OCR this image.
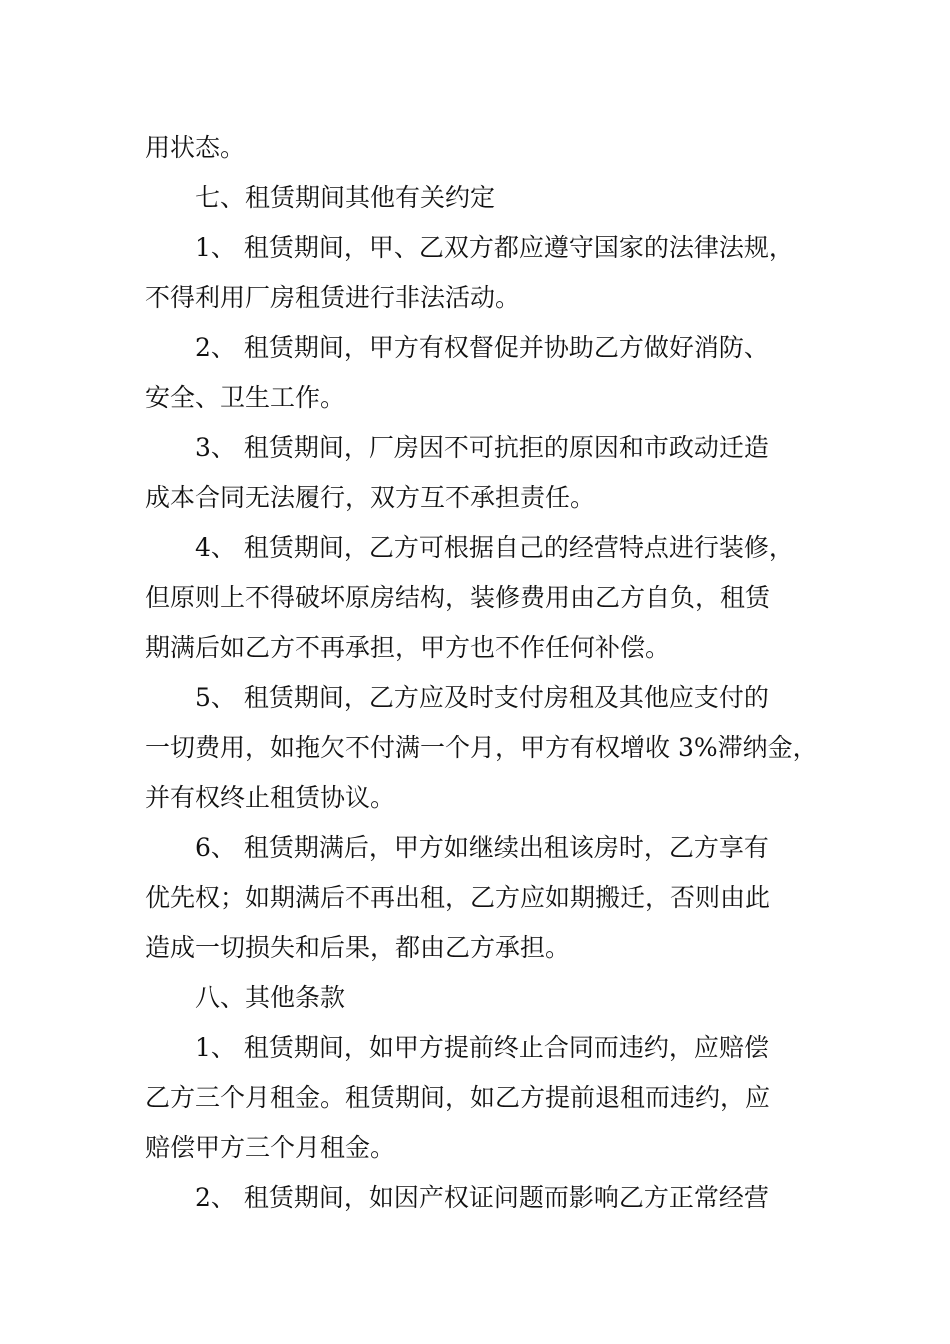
用状态。
七、租赁期间其他有关约定
1、 租赁期间，甲、乙双方都应遵守国家的法律法规，
不得利用厂房租赁进行非法活动。
2、 租赁期间，甲方有权督促并协助乙方做好消防、
安全、卫生工作。
3、 租赁期间，厂房因不可抗拒的原因和市政动迁造
成本合同无法履行，双方互不承担责任。
4、 租赁期间，乙方可根据自己的经营特点进行装修，
但原则上不得破坏原房结构，装修费用由乙方自负，租赁
期满后如乙方不再承担，甲方也不作任何补偿。
5、 租赁期间，乙方应及时支付房租及其他应支付的
一切费用，如拖欠不付满一个月，甲方有权增收 3%滞纳金，
并有权终止租赁协议。
6、 租赁期满后，甲方如继续出租该房时，乙方享有
优先权；如期满后不再出租，乙方应如期搬迁，否则由此
造成一切损失和后果，都由乙方承担。
八、其他条款
1、 租赁期间，如甲方提前终止合同而违约，应赔偿
乙方三个月租金。租赁期间，如乙方提前退租而违约，应
赔偿甲方三个月租金。
2、 租赁期间，如因产权证问题而影响乙方正常经营
